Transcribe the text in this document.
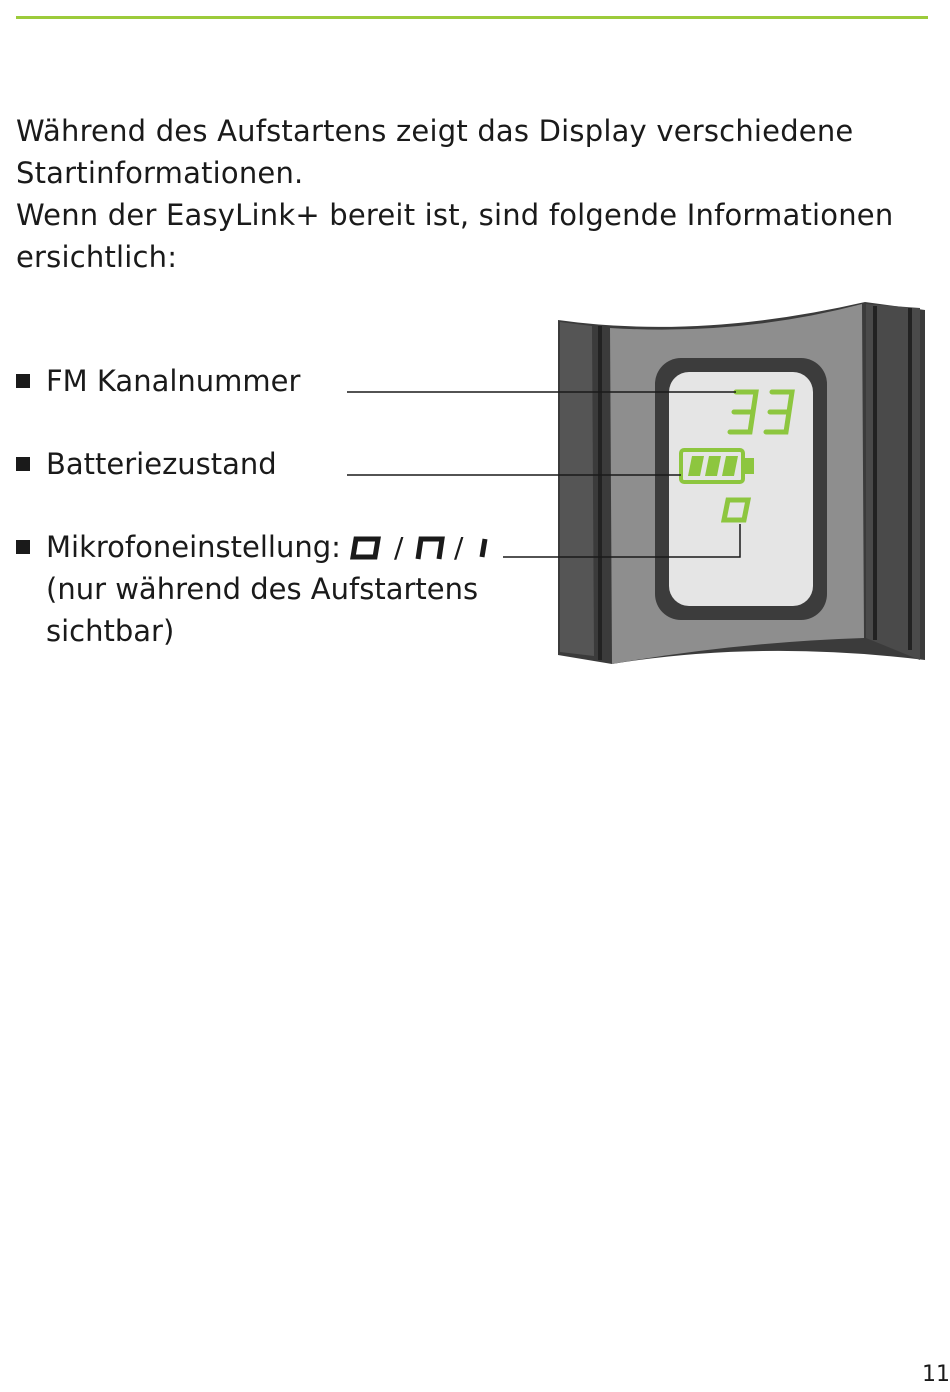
Während des Aufstartens zeigt das Display verschiedene

Startinformationen.

Wenn der EasyLink+ bereit ist, sind folgende Informationen

ersichtlich:

FM Kanalnummer
Batteriezustand
Mikrofoneinstellung: / /
(nur während des Aufstartens
sichtbar)
11
